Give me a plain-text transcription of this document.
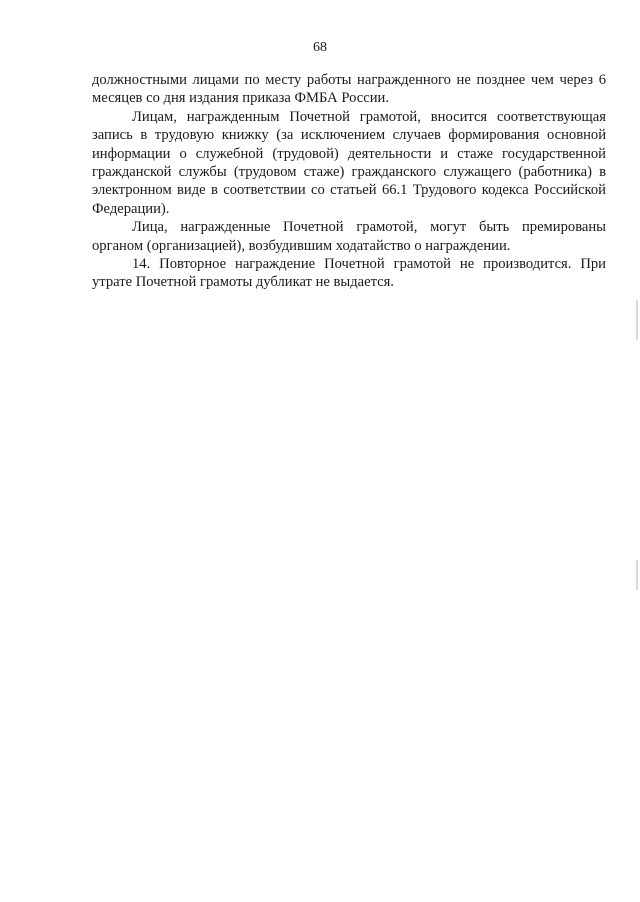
68

должностными лицами по месту работы награжденного не позднее чем через 6 месяцев со дня издания приказа ФМБА России.

Лицам, награжденным Почетной грамотой, вносится соответствующая запись в трудовую книжку (за исключением случаев формирования основной информации о служебной (трудовой) деятельности и стаже государственной гражданской службы (трудовом стаже) гражданского служащего (работника) в электронном виде в соответствии со статьей 66.1 Трудового кодекса Российской Федерации).

Лица, награжденные Почетной грамотой, могут быть премированы органом (организацией), возбудившим ходатайство о награждении.

14. Повторное награждение Почетной грамотой не производится. При утрате Почетной грамоты дубликат не выдается.
